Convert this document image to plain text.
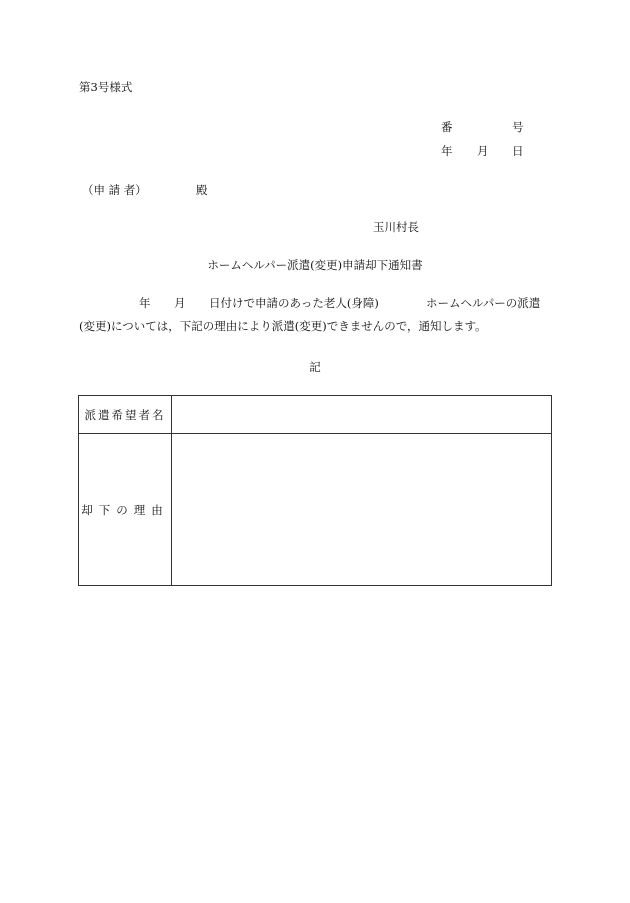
第3号様式
番	号
年 月 日
（申 請 者）	殿
玉川村長
ホームヘルパー派遣(変更)申請却下通知書
年 月 日付けで申請のあった老人(身障)	ホームヘルパーの派遣
(変更)については，下記の理由により派遣(変更)できませんので，通知します。
記
派遣希望者名	
却下の理由	
